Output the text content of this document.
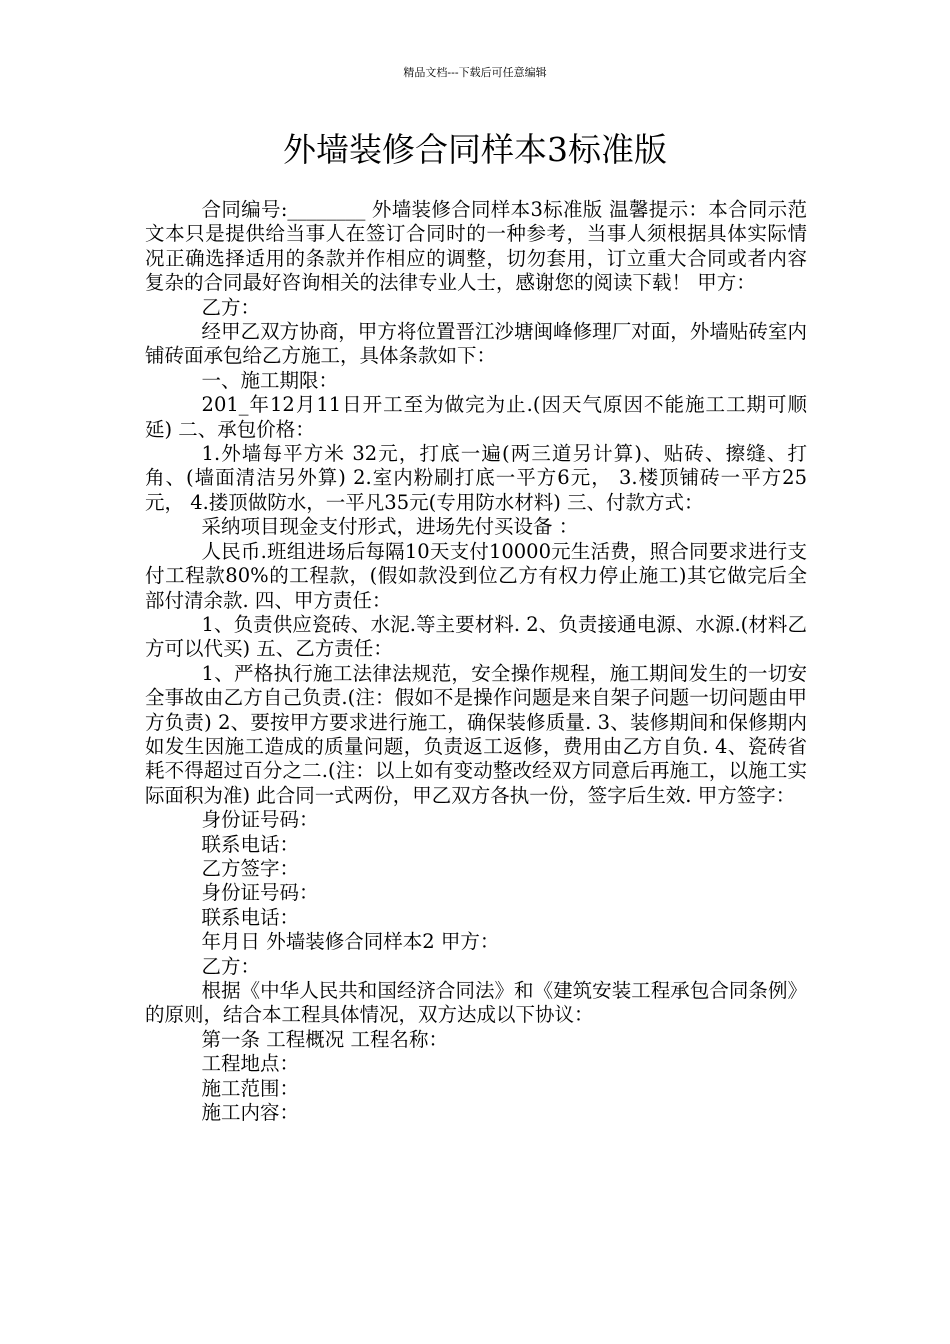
精品文档---下载后可任意编辑
外墙装修合同样本3标准版

合同编号:________ 外墙装修合同样本3标准版 温馨提示：本合同示范文本只是提供给当事人在签订合同时的一种参考，当事人须根据具体实际情况正确选择适用的条款并作相应的调整，切勿套用，订立重大合同或者内容复杂的合同最好咨询相关的法律专业人士，感谢您的阅读下载！ 甲方：

乙方：

经甲乙双方协商，甲方将位置晋江沙塘闽峰修理厂对面，外墙贴砖室内铺砖面承包给乙方施工，具体条款如下：

一、施工期限：

201_年12月11日开工至为做完为止.(因天气原因不能施工工期可顺延) 二、承包价格：

1.外墙每平方米 32元，打底一遍(两三道另计算)、贴砖、擦缝、打角、(墙面清洁另外算) 2.室内粉刷打底一平方6元， 3.楼顶铺砖一平方25元， 4.搂顶做防水，一平凡35元(专用防水材料) 三、付款方式：

采纳项目现金支付形式，进场先付买设备 ：

人民币.班组进场后每隔10天支付10000元生活费，照合同要求进行支付工程款80%的工程款，(假如款没到位乙方有权力停止施工)其它做完后全部付清余款. 四、甲方责任：

1、负责供应瓷砖、水泥.等主要材料. 2、负责接通电源、水源.(材料乙方可以代买) 五、乙方责任：

1、严格执行施工法律法规范，安全操作规程，施工期间发生的一切安全事故由乙方自己负责.(注：假如不是操作问题是来自架子问题一切问题由甲方负责) 2、要按甲方要求进行施工，确保装修质量. 3、装修期间和保修期内如发生因施工造成的质量问题，负责返工返修，费用由乙方自负. 4、瓷砖省耗不得超过百分之二.(注：以上如有变动整改经双方同意后再施工，以施工实际面积为准) 此合同一式两份，甲乙双方各执一份，签字后生效. 甲方签字：

身份证号码：

联系电话：

乙方签字：

身份证号码：

联系电话：

年月日 外墙装修合同样本2 甲方：

乙方：

根据《中华人民共和国经济合同法》和《建筑安装工程承包合同条例》的原则，结合本工程具体情况，双方达成以下协议：

第一条 工程概况 工程名称：

工程地点：

施工范围：

施工内容：
